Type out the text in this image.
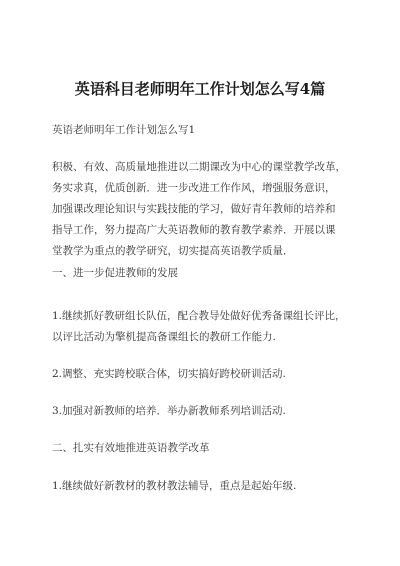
英语科目老师明年工作计划怎么写4篇
英语老师明年工作计划怎么写1
积极、有效、高质量地推进以二期课改为中心的课堂教学改革，
务实求真，优质创新．进一步改进工作作风，增强服务意识，
加强课改理论知识与实践技能的学习，做好青年教师的培养和
指导工作，努力提高广大英语教师的教育教学素养．开展以课
堂教学为重点的教学研究，切实提高英语教学质量．
一、进一步促进教师的发展
1.继续抓好教研组长队伍，配合教导处做好优秀备课组长评比，
以评比活动为擎机提高备课组长的教研工作能力.
2.调整、充实跨校联合体，切实搞好跨校研训活动.
3.加强对新教师的培养．举办新教师系列培训活动.
二、扎实有效地推进英语教学改革
1.继续做好新教材的教材教法辅导，重点是起始年级.
